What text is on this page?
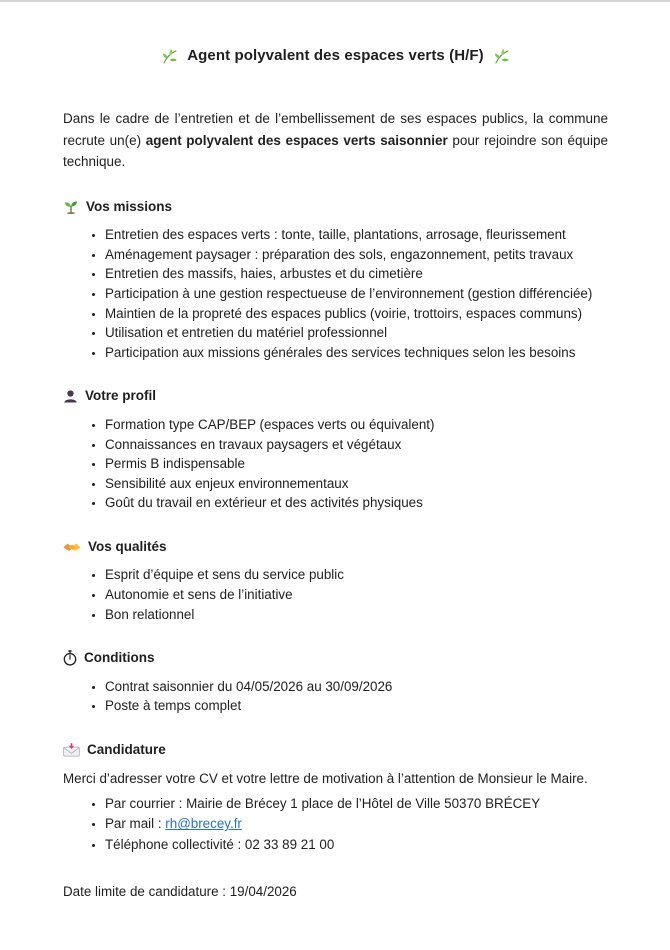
Agent polyvalent des espaces verts (H/F)

Dans le cadre de l’entretien et de l’embellissement de ses espaces publics, la commune recrute un(e) agent polyvalent des espaces verts saisonnier pour rejoindre son équipe technique.

Vos missions
• Entretien des espaces verts : tonte, taille, plantations, arrosage, fleurissement
• Aménagement paysager : préparation des sols, engazonnement, petits travaux
• Entretien des massifs, haies, arbustes et du cimetière
• Participation à une gestion respectueuse de l’environnement (gestion différenciée)
• Maintien de la propreté des espaces publics (voirie, trottoirs, espaces communs)
• Utilisation et entretien du matériel professionnel
• Participation aux missions générales des services techniques selon les besoins
Votre profil
• Formation type CAP/BEP (espaces verts ou équivalent)
• Connaissances en travaux paysagers et végétaux
• Permis B indispensable
• Sensibilité aux enjeux environnementaux
• Goût du travail en extérieur et des activités physiques
Vos qualités
• Esprit d’équipe et sens du service public
• Autonomie et sens de l’initiative
• Bon relationnel
Conditions
• Contrat saisonnier du 04/05/2026 au 30/09/2026
• Poste à temps complet
Candidature

Merci d’adresser votre CV et votre lettre de motivation à l’attention de Monsieur le Maire.

• Par courrier : Mairie de Brécey 1 place de l’Hôtel de Ville 50370 BRÉCEY
• Par mail : rh@brecey.fr
• Téléphone collectivité : 02 33 89 21 00

Date limite de candidature : 19/04/2026
